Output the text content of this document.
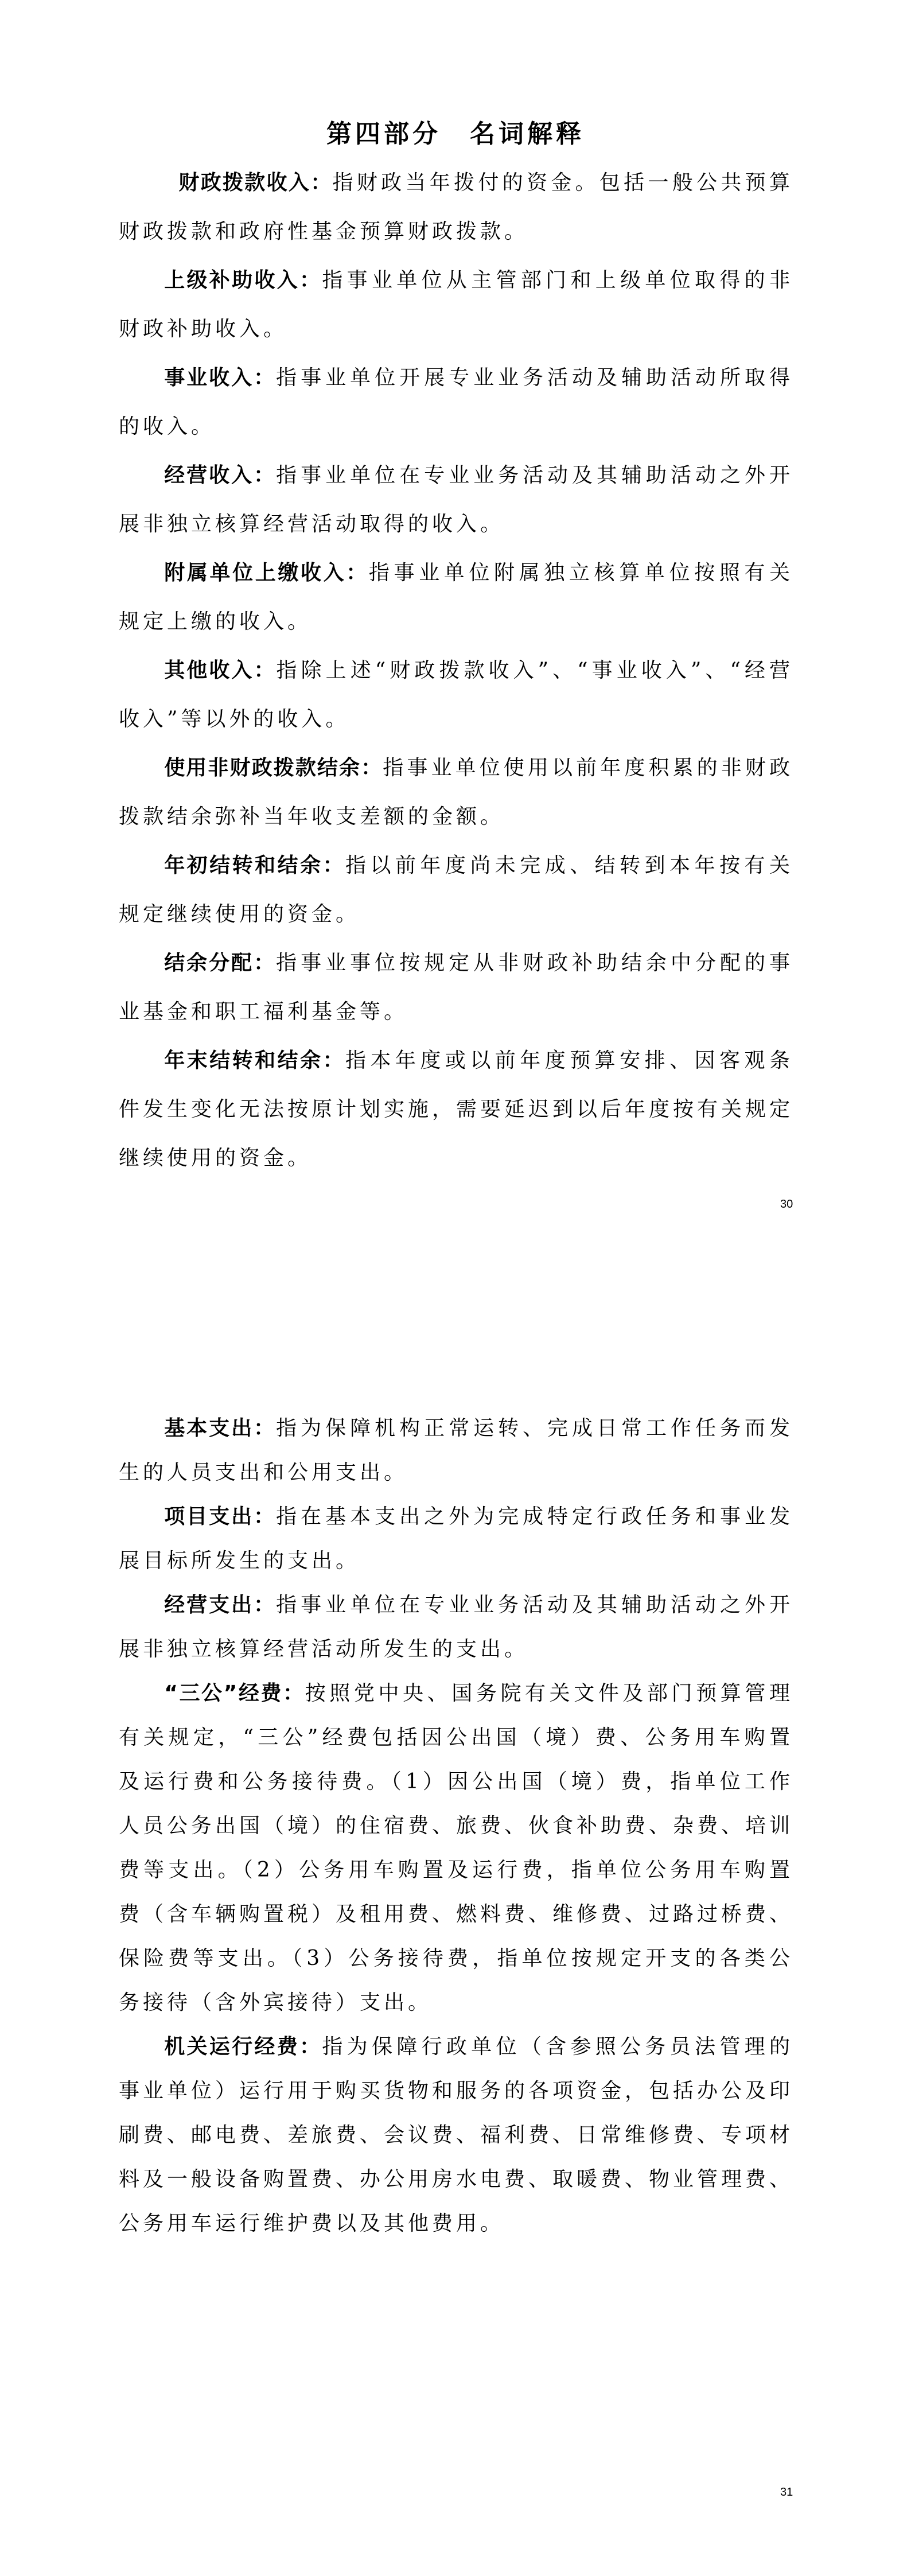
第四部分　名词解释

财政拨款收入：指财政当年拨付的资金。包括一般公共预算财政拨款和政府性基金预算财政拨款。

上级补助收入：指事业单位从主管部门和上级单位取得的非财政补助收入。

事业收入：指事业单位开展专业业务活动及辅助活动所取得的收入。

经营收入：指事业单位在专业业务活动及其辅助活动之外开展非独立核算经营活动取得的收入。

附属单位上缴收入：指事业单位附属独立核算单位按照有关规定上缴的收入。

其他收入：指除上述“财政拨款收入”、“事业收入”、“经营收入”等以外的收入。

使用非财政拨款结余：指事业单位使用以前年度积累的非财政拨款结余弥补当年收支差额的金额。

年初结转和结余：指以前年度尚未完成、结转到本年按有关规定继续使用的资金。

结余分配：指事业事位按规定从非财政补助结余中分配的事业基金和职工福利基金等。

年末结转和结余：指本年度或以前年度预算安排、因客观条件发生变化无法按原计划实施，需要延迟到以后年度按有关规定继续使用的资金。

30

基本支出：指为保障机构正常运转、完成日常工作任务而发生的人员支出和公用支出。

项目支出：指在基本支出之外为完成特定行政任务和事业发展目标所发生的支出。

经营支出：指事业单位在专业业务活动及其辅助活动之外开展非独立核算经营活动所发生的支出。

“三公”经费：按照党中央、国务院有关文件及部门预算管理有关规定，“三公”经费包括因公出国（境）费、公务用车购置及运行费和公务接待费。（1）因公出国（境）费，指单位工作人员公务出国（境）的住宿费、旅费、伙食补助费、杂费、培训费等支出。（2）公务用车购置及运行费，指单位公务用车购置费（含车辆购置税）及租用费、燃料费、维修费、过路过桥费、保险费等支出。（3）公务接待费，指单位按规定开支的各类公务接待（含外宾接待）支出。

机关运行经费：指为保障行政单位（含参照公务员法管理的事业单位）运行用于购买货物和服务的各项资金，包括办公及印刷费、邮电费、差旅费、会议费、福利费、日常维修费、专项材料及一般设备购置费、办公用房水电费、取暖费、物业管理费、公务用车运行维护费以及其他费用。

31
